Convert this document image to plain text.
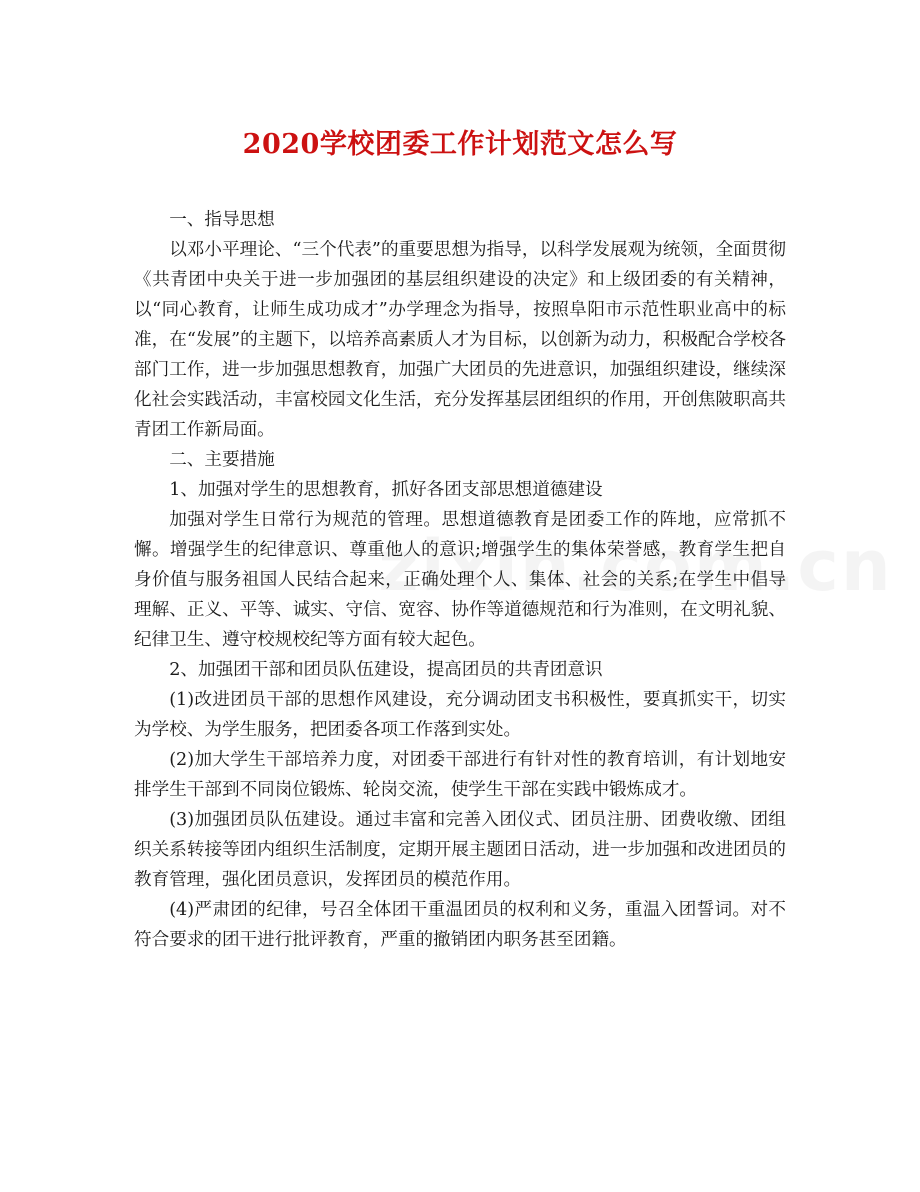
2020学校团委工作计划范文怎么写

一、指导思想

以邓小平理论、“三个代表”的重要思想为指导，以科学发展观为统领，全面贯彻《共青团中央关于进一步加强团的基层组织建设的决定》和上级团委的有关精神，以“同心教育，让师生成功成才”办学理念为指导，按照阜阳市示范性职业高中的标准，在“发展”的主题下，以培养高素质人才为目标，以创新为动力，积极配合学校各部门工作，进一步加强思想教育，加强广大团员的先进意识，加强组织建设，继续深化社会实践活动，丰富校园文化生活，充分发挥基层团组织的作用，开创焦陂职高共青团工作新局面。

二、主要措施

1、加强对学生的思想教育，抓好各团支部思想道德建设

加强对学生日常行为规范的管理。思想道德教育是团委工作的阵地，应常抓不懈。增强学生的纪律意识、尊重他人的意识;增强学生的集体荣誉感，教育学生把自身价值与服务祖国人民结合起来，正确处理个人、集体、社会的关系;在学生中倡导理解、正义、平等、诚实、守信、宽容、协作等道德规范和行为准则，在文明礼貌、纪律卫生、遵守校规校纪等方面有较大起色。

2、加强团干部和团员队伍建设，提高团员的共青团意识

(1)改进团员干部的思想作风建设，充分调动团支书积极性，要真抓实干，切实为学校、为学生服务，把团委各项工作落到实处。

(2)加大学生干部培养力度，对团委干部进行有针对性的教育培训，有计划地安排学生干部到不同岗位锻炼、轮岗交流，使学生干部在实践中锻炼成才。

(3)加强团员队伍建设。通过丰富和完善入团仪式、团员注册、团费收缴、团组织关系转接等团内组织生活制度，定期开展主题团日活动，进一步加强和改进团员的教育管理，强化团员意识，发挥团员的模范作用。

(4)严肃团的纪律，号召全体团干重温团员的权利和义务，重温入团誓词。对不符合要求的团干进行批评教育，严重的撤销团内职务甚至团籍。
